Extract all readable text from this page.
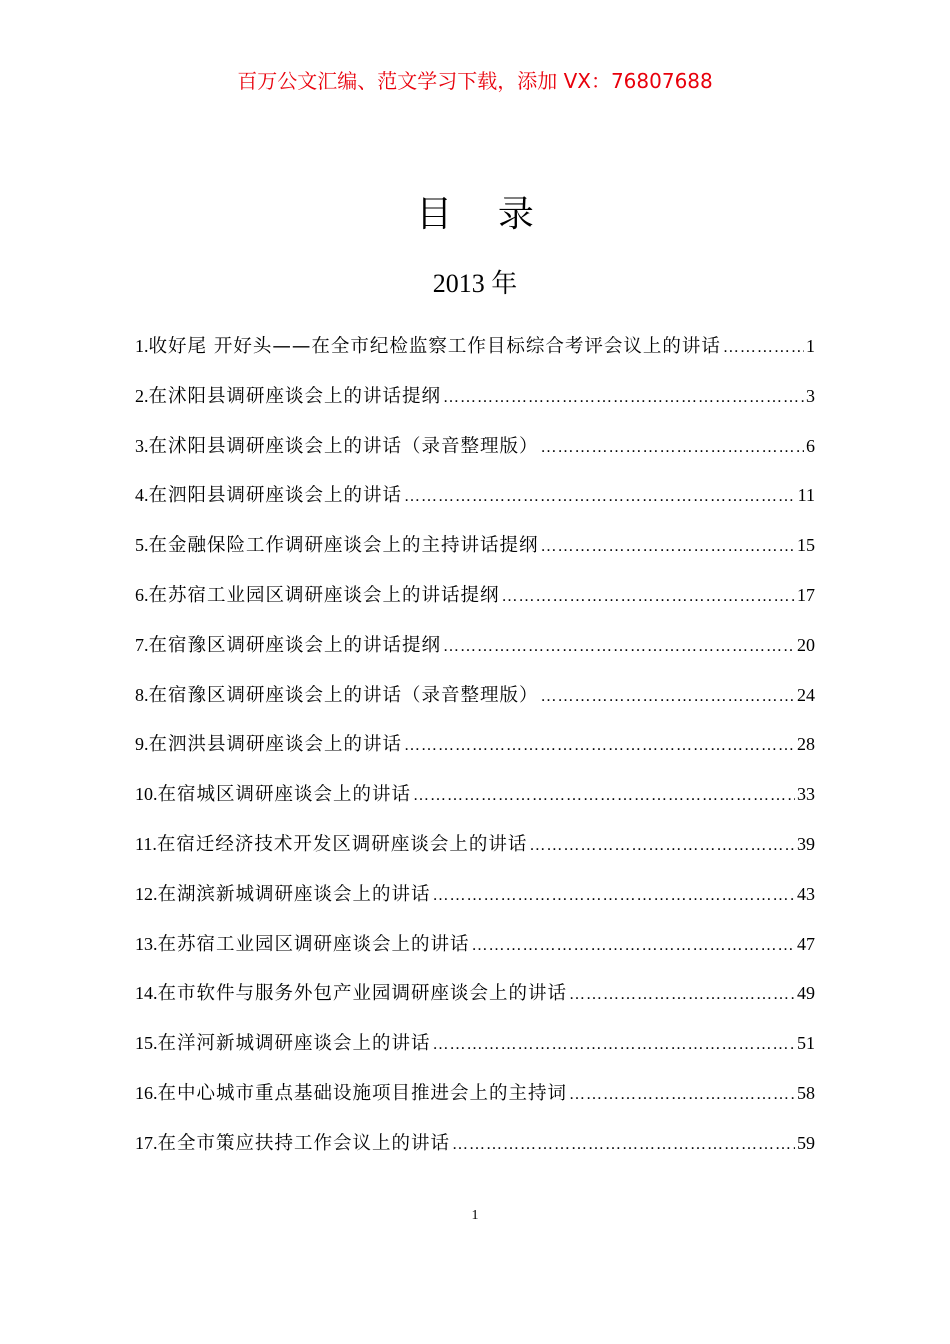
百万公文汇编、范文学习下载，添加 VX：76807688
目    录
2013 年
1. 收好尾 开好头——在全市纪检监察工作目标综合考评会议上的讲话 ……………………………………………………………………………………………………………………………………	1
2. 在沭阳县调研座谈会上的讲话提纲 ……………………………………………………………………………………………………………………………………	3
3. 在沭阳县调研座谈会上的讲话（录音整理版） ……………………………………………………………………………………………………………………………………	6
4. 在泗阳县调研座谈会上的讲话 ……………………………………………………………………………………………………………………………………	11
5. 在金融保险工作调研座谈会上的主持讲话提纲 ……………………………………………………………………………………………………………………………………	15
6. 在苏宿工业园区调研座谈会上的讲话提纲 ……………………………………………………………………………………………………………………………………	17
7. 在宿豫区调研座谈会上的讲话提纲 ……………………………………………………………………………………………………………………………………	20
8. 在宿豫区调研座谈会上的讲话（录音整理版） ……………………………………………………………………………………………………………………………………	24
9. 在泗洪县调研座谈会上的讲话 ……………………………………………………………………………………………………………………………………	28
10. 在宿城区调研座谈会上的讲话 ……………………………………………………………………………………………………………………………………	33
11. 在宿迁经济技术开发区调研座谈会上的讲话 ……………………………………………………………………………………………………………………………………	39
12. 在湖滨新城调研座谈会上的讲话 ……………………………………………………………………………………………………………………………………	43
13. 在苏宿工业园区调研座谈会上的讲话 ……………………………………………………………………………………………………………………………………	47
14. 在市软件与服务外包产业园调研座谈会上的讲话 ……………………………………………………………………………………………………………………………………	49
15. 在洋河新城调研座谈会上的讲话 ……………………………………………………………………………………………………………………………………	51
16. 在中心城市重点基础设施项目推进会上的主持词 ……………………………………………………………………………………………………………………………………	58
17. 在全市策应扶持工作会议上的讲话 ……………………………………………………………………………………………………………………………………	59
1
